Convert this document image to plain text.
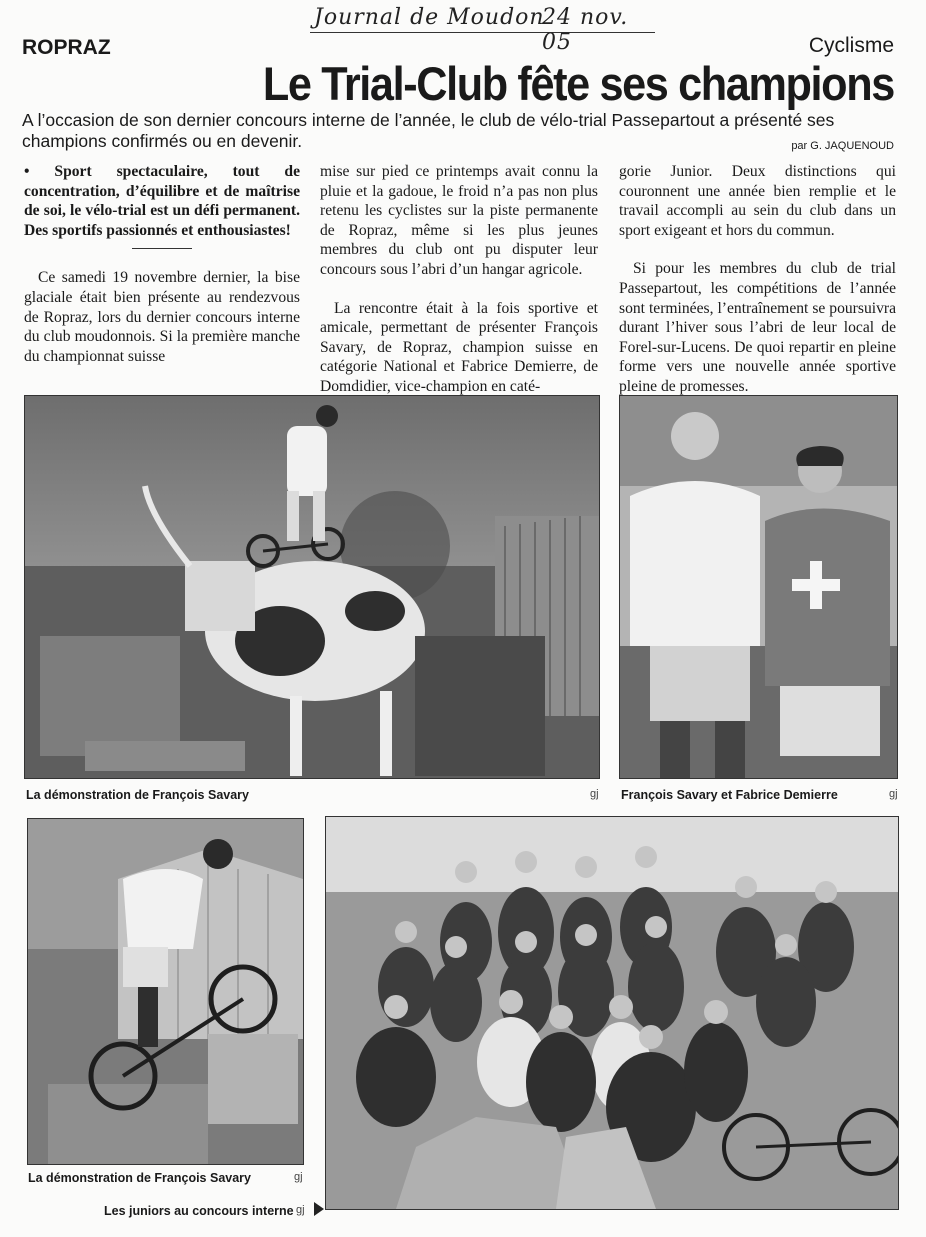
Journal de Moudon
24 nov. 05
ROPRAZ	Cyclisme
Le Trial-Club fête ses champions
A l’occasion de son dernier concours interne de l’année, le club de vélo-trial Passepartout a présenté ses champions confirmés ou en devenir.	par G. JAQUENOUD

• Sport spectaculaire, tout de concentration, d’équilibre et de maîtrise de soi, le vélo-trial est un défi permanent. Des sportifs passionnés et enthousiastes!

Ce samedi 19 novembre dernier, la bise glaciale était bien présente au rendezvous de Ropraz, lors du dernier concours interne du club moudonnois. Si la première manche du championnat suisse

mise sur pied ce printemps avait connu la pluie et la gadoue, le froid n’a pas non plus retenu les cyclistes sur la piste permanente de Ropraz, même si les plus jeunes membres du club ont pu disputer leur concours sous l’abri d’un hangar agricole.

La rencontre était à la fois sportive et amicale, permettant de présenter François Savary, de Ropraz, champion suisse en catégorie National et Fabrice Demierre, de Domdidier, vice-champion en caté-

gorie Junior. Deux distinctions qui couronnent une année bien remplie et le travail accompli au sein du club dans un sport exigeant et hors du commun.

Si pour les membres du club de trial Passepartout, les compétitions de l’année sont terminées, l’entraînement se poursuivra durant l’hiver sous l’abri de leur local de Forel-sur-Lucens. De quoi repartir en pleine forme vers une nouvelle année sportive pleine de promesses.

La démonstration de François Savary	gj François Savary et Fabrice Demierre	gj
La démonstration de François Savary	gj
Les juniors au concours interne gj
